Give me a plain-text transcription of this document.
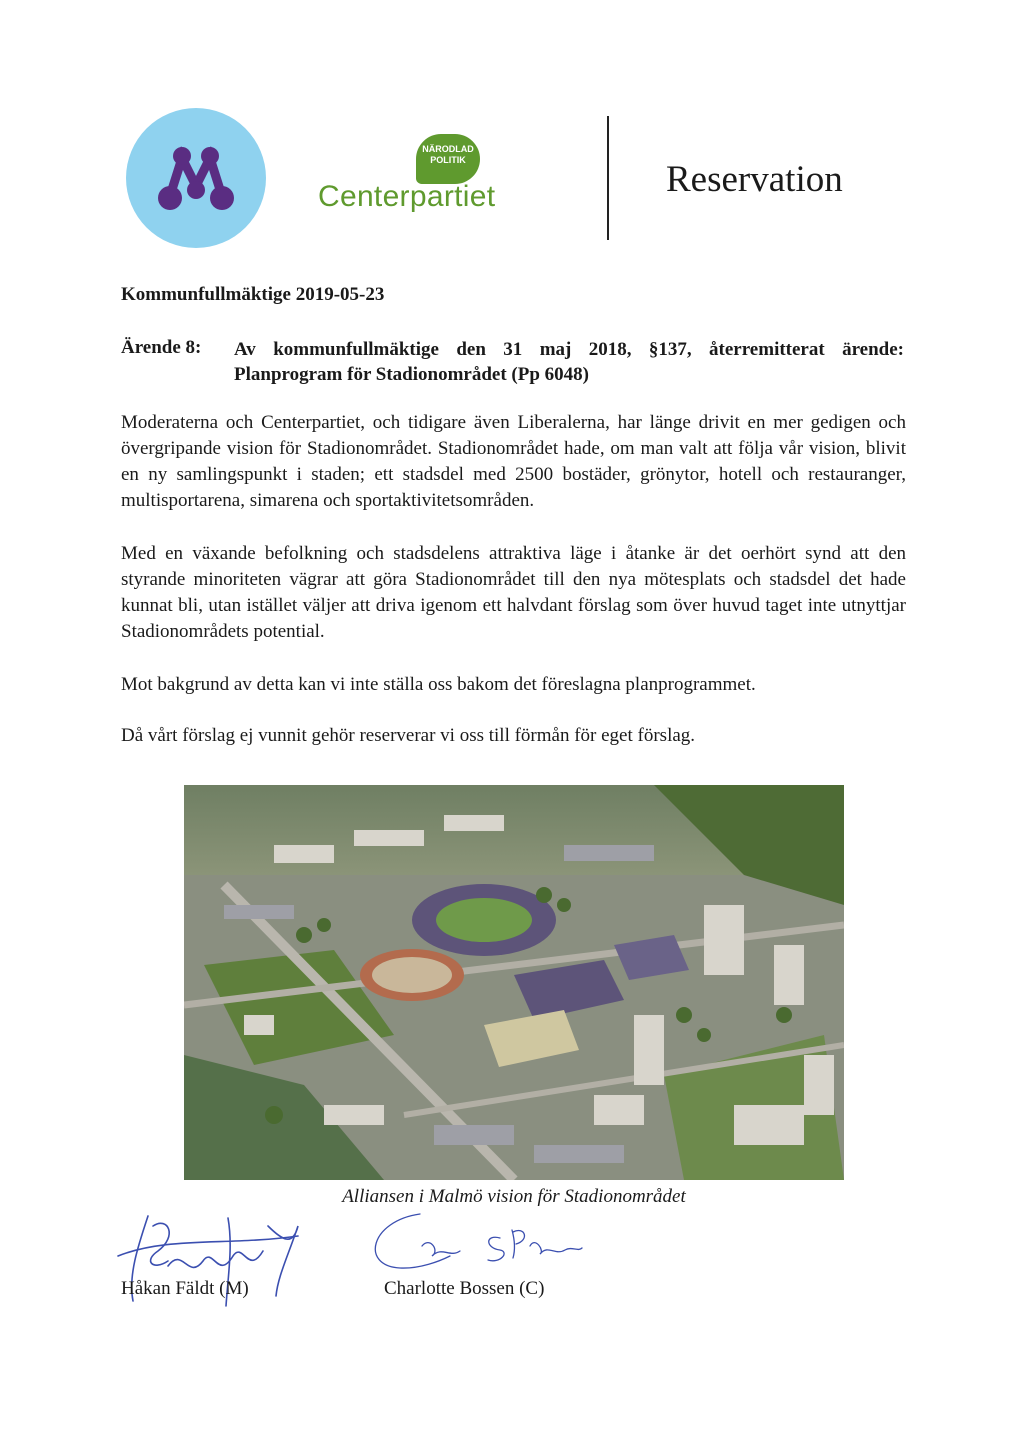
NÄRODLAD
POLITIK
Centerpartiet	Reservation
Kommunfullmäktige 2019-05-23
Ärende 8: Av kommunfullmäktige den 31 maj 2018, §137, återremitterat ärende:
Planprogram för Stadionområdet (Pp 6048)

Moderaterna och Centerpartiet, och tidigare även Liberalerna, har länge drivit en mer gedigen och övergripande vision för Stadionområdet. Stadionområdet hade, om man valt att följa vår vision, blivit en ny samlingspunkt i staden; ett stadsdel med 2500 bostäder, grönytor, hotell och restauranger, multisportarena, simarena och sportaktivitetsområden.

Med en växande befolkning och stadsdelens attraktiva läge i åtanke är det oerhört synd att den styrande minoriteten vägrar att göra Stadionområdet till den nya mötesplats och stadsdel det hade kunnat bli, utan istället väljer att driva igenom ett halvdant förslag som över huvud taget inte utnyttjar Stadionområdets potential.

Mot bakgrund av detta kan vi inte ställa oss bakom det föreslagna planprogrammet.

Då vårt förslag ej vunnit gehör reserverar vi oss till förmån för eget förslag.

Alliansen i Malmö vision för Stadionområdet
Håkan Fäldt (M)	Charlotte Bossen (C)
